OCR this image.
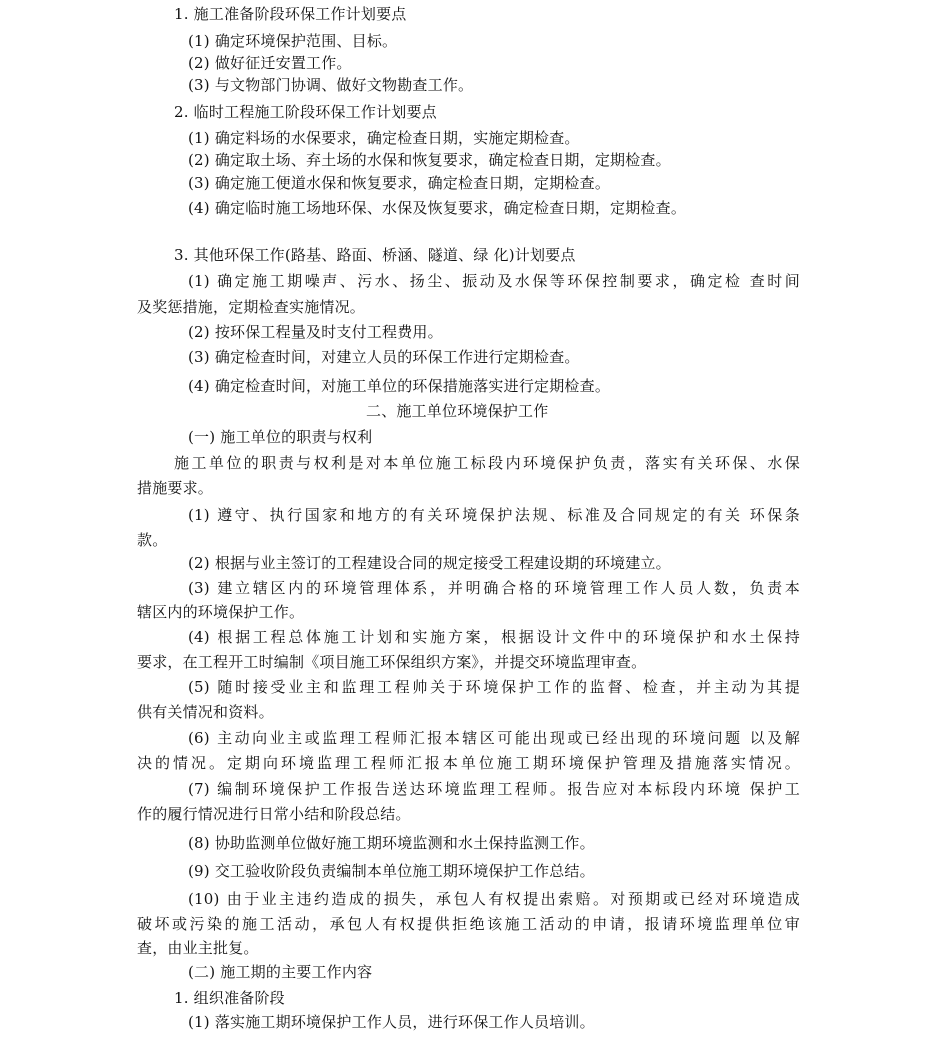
1. 施工准备阶段环保工作计划要点
(1) 确定环境保护范围、目标。
(2) 做好征迁安置工作。
(3) 与文物部门协调、做好文物勘查工作。
2. 临时工程施工阶段环保工作计划要点
(1) 确定料场的水保要求，确定检查日期，实施定期检查。
(2) 确定取土场、弃土场的水保和恢复要求，确定检查日期，定期检查。
(3) 确定施工便道水保和恢复要求，确定检查日期，定期检查。
(4) 确定临时施工场地环保、水保及恢复要求，确定检查日期，定期检查。
3. 其他环保工作(路基、路面、桥涵、隧道、绿 化)计划要点
(1) 确定施工期噪声、污水、扬尘、振动及水保等环保控制要求，确定检 查时间
及奖惩措施，定期检查实施情况。
(2) 按环保工程量及时支付工程费用。
(3) 确定检查时间，对建立人员的环保工作进行定期检查。
(4) 确定检查时间，对施工单位的环保措施落实进行定期检查。
二、施工单位环境保护工作
(一) 施工单位的职责与权利
施工单位的职责与权利是对本单位施工标段内环境保护负责，落实有关环保、水保
措施要求。
(1) 遵守、执行国家和地方的有关环境保护法规、标准及合同规定的有关 环保条
款。
(2) 根据与业主签订的工程建设合同的规定接受工程建设期的环境建立。
(3) 建立辖区内的环境管理体系，并明确合格的环境管理工作人员人数，负责本
辖区内的环境保护工作。
(4) 根据工程总体施工计划和实施方案，根据设计文件中的环境保护和水土保持
要求，在工程开工时编制《项目施工环保组织方案》，并提交环境监理审查。
(5) 随时接受业主和监理工程帅关于环境保护工作的监督、检查，并主动为其提
供有关情况和资料。
(6) 主动向业主或监理工程师汇报本辖区可能出现或已经出现的环境问题 以及解
决的情况。定期向环境监理工程师汇报本单位施工期环境保护管理及措施落实情况。
(7) 编制环境保护工作报告送达环境监理工程师。报告应对本标段内环境 保护工
作的履行情况进行日常小结和阶段总结。
(8) 协助监测单位做好施工期环境监测和水土保持监测工作。
(9) 交工验收阶段负责编制本单位施工期环境保护工作总结。
(10) 由于业主违约造成的损失，承包人有权提出索赔。对预期或已经对环境造成
破坏或污染的施工活动，承包人有权提供拒绝该施工活动的申请，报请环境监理单位审
查，由业主批复。
(二) 施工期的主要工作内容
1. 组织准备阶段
(1) 落实施工期环境保护工作人员，进行环保工作人员培训。
